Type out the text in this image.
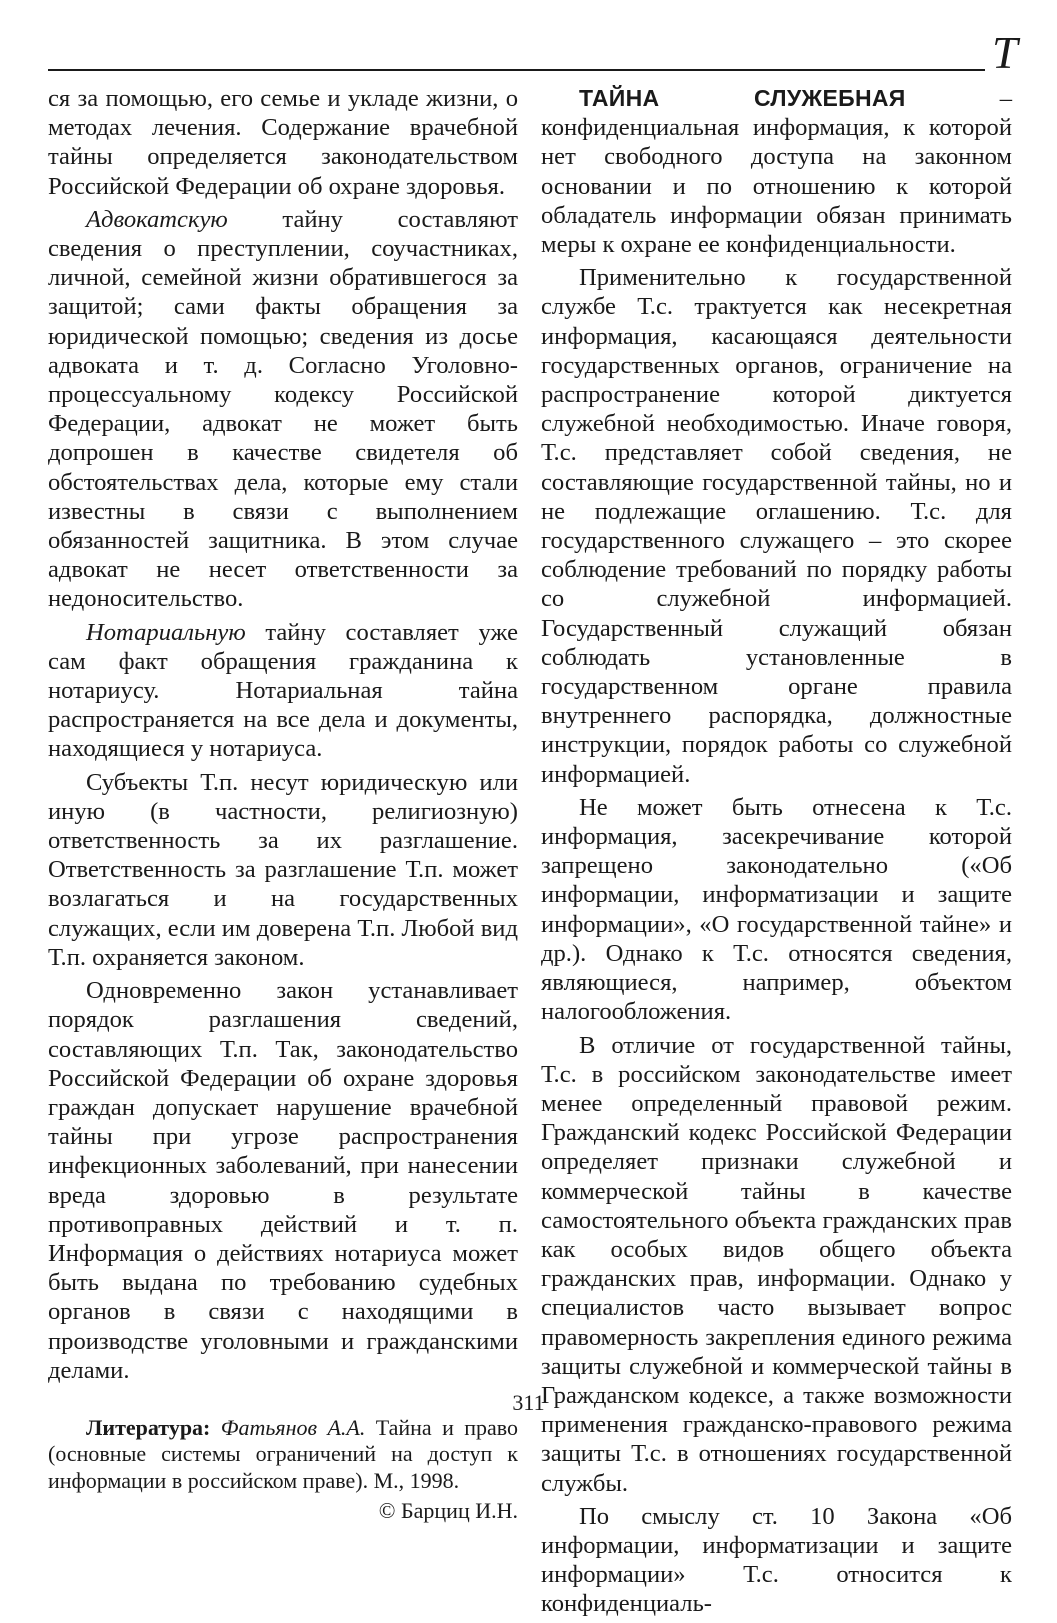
T

ся за помощью, его семье и укладе жизни, о методах лечения. Содержание врачебной тайны определяется законодательством Российской Федерации об охране здоровья.

Адвокатскую тайну составляют сведения о преступлении, соучастниках, личной, семейной жизни обратившегося за защитой; сами факты обращения за юридической помощью; сведения из досье адвоката и т. д. Согласно Уголовно-процессуальному кодексу Российской Федерации, адвокат не может быть допрошен в качестве свидетеля об обстоятельствах дела, которые ему стали известны в связи с выполнением обязанностей защитника. В этом случае адвокат не несет ответственности за недоносительство.

Нотариальную тайну составляет уже сам факт обращения гражданина к нотариусу. Нотариальная тайна распространяется на все дела и документы, находящиеся у нотариуса.

Субъекты Т.п. несут юридическую или иную (в частности, религиозную) ответственность за их разглашение. Ответственность за разглашение Т.п. может возлагаться и на государственных служащих, если им доверена Т.п. Любой вид Т.п. охраняется законом.

Одновременно закон устанавливает порядок разглашения сведений, составляющих Т.п. Так, законодательство Российской Федерации об охране здоровья граждан допускает нарушение врачебной тайны при угрозе распространения инфекционных заболеваний, при нанесении вреда здоровью в результате противоправных действий и т. п. Информация о действиях нотариуса может быть выдана по требованию судебных органов в связи с находящими в производстве уголовными и гражданскими делами.

Литература: Фатьянов А.А. Тайна и право (основные системы ограничений на доступ к информации в российском праве). М., 1998.

© Барциц И.Н.

ТАЙНА СЛУЖЕБНАЯ – конфиденциальная информация, к которой нет свободного доступа на законном основании и по отношению к которой обладатель информации обязан принимать меры к охране ее конфиденциальности.

Применительно к государственной службе Т.с. трактуется как несекретная информация, касающаяся деятельности государственных органов, ограничение на распространение которой диктуется служебной необходимостью. Иначе говоря, Т.с. представляет собой сведения, не составляющие государственной тайны, но и не подлежащие оглашению. Т.с. для государственного служащего – это скорее соблюдение требований по порядку работы со служебной информацией. Государственный служащий обязан соблюдать установленные в государственном органе правила внутреннего распорядка, должностные инструкции, порядок работы со служебной информацией.

Не может быть отнесена к Т.с. информация, засекречивание которой запрещено законодательно («Об информации, информатизации и защите информации», «О государственной тайне» и др.). Однако к Т.с. относятся сведения, являющиеся, например, объектом налогообложения.

В отличие от государственной тайны, Т.с. в российском законодательстве имеет менее определенный правовой режим. Гражданский кодекс Российской Федерации определяет признаки служебной и коммерческой тайны в качестве самостоятельного объекта гражданских прав как особых видов общего объекта гражданских прав, информации. Однако у специалистов часто вызывает вопрос правомерность закрепления единого режима защиты служебной и коммерческой тайны в Гражданском кодексе, а также возможности применения гражданско-правового режима защиты Т.с. в отношениях государственной службы.

По смыслу ст. 10 Закона «Об информации, информатизации и защите информации» Т.с. относится к конфиденциаль-

311
